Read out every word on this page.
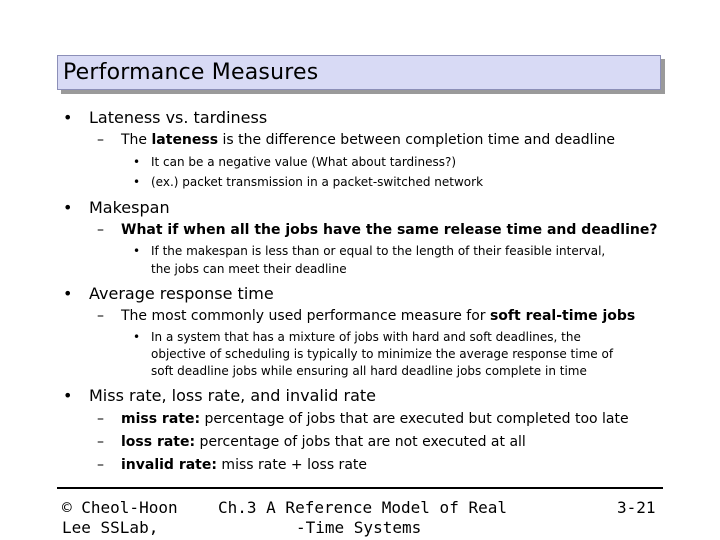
Performance Measures
• Lateness vs. tardiness
– The lateness is the difference between completion time and deadline
• It can be a negative value (What about tardiness?)
• (ex.) packet transmission in a packet-switched network
• Makespan
– What if when all the jobs have the same release time and deadline?
• If the makespan is less than or equal to the length of their feasible interval,
the jobs can meet their deadline
• Average response time
– The most commonly used performance measure for soft real-time jobs
• In a system that has a mixture of jobs with hard and soft deadlines, the
objective of scheduling is typically to minimize the average response time of
soft deadline jobs while ensuring all hard deadline jobs complete in time
• Miss rate, loss rate, and invalid rate
– miss rate: percentage of jobs that are executed but completed too late
– loss rate: percentage of jobs that are not executed at all
– invalid rate: miss rate + loss rate
© Cheol-Hoon
Lee SSLab,
Ch.3 A Reference Model of Real
-Time Systems
3-21
